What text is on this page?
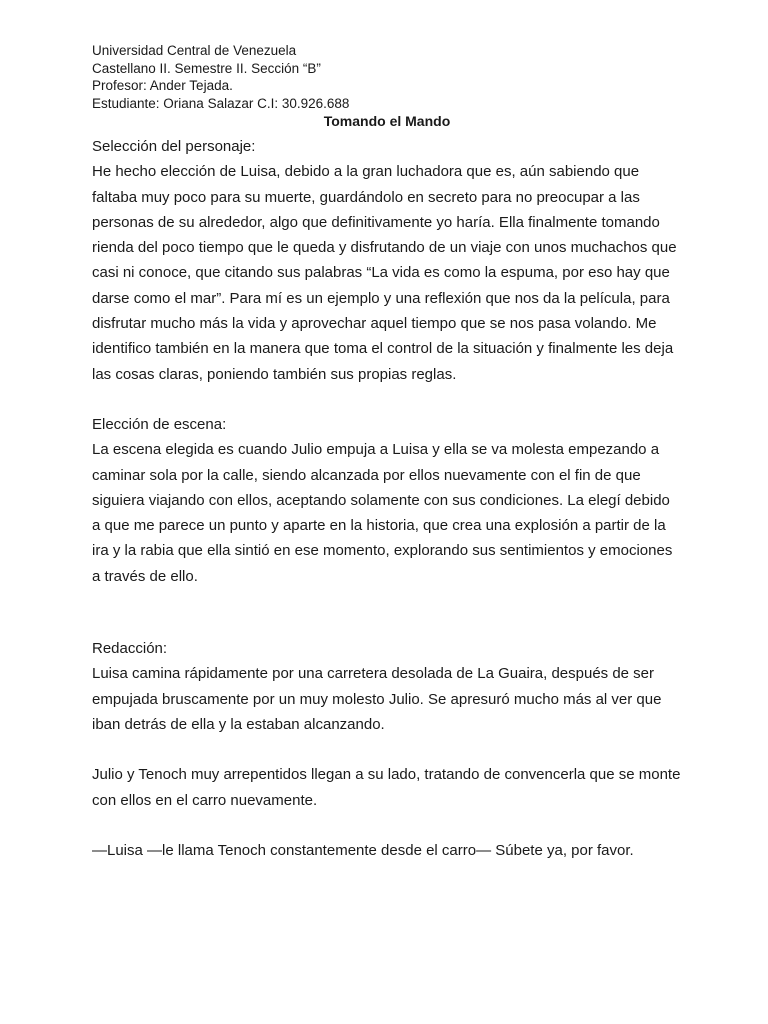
Universidad Central de Venezuela
Castellano II. Semestre II. Sección “B”
Profesor: Ander Tejada.
Estudiante: Oriana Salazar C.I: 30.926.688
Tomando el Mando

Selección del personaje:

He hecho elección de Luisa, debido a la gran luchadora que es, aún sabiendo que faltaba muy poco para su muerte, guardándolo en secreto para no preocupar a las personas de su alrededor, algo que definitivamente yo haría. Ella finalmente tomando rienda del poco tiempo que le queda y disfrutando de un viaje con unos muchachos que casi ni conoce, que citando sus palabras “La vida es como la espuma, por eso hay que darse como el mar”. Para mí es un ejemplo y una reflexión que nos da la película, para disfrutar mucho más la vida y aprovechar aquel tiempo que se nos pasa volando. Me identifico también en la manera que toma el control de la situación y finalmente les deja las cosas claras, poniendo también sus propias reglas.

Elección de escena:

La escena elegida es cuando Julio empuja a Luisa y ella se va molesta empezando a caminar sola por la calle, siendo alcanzada por ellos nuevamente con el fin de que siguiera viajando con ellos, aceptando solamente con sus condiciones. La elegí debido a que me parece un punto y aparte en la historia, que crea una explosión a partir de la ira y la rabia que ella sintió en ese momento, explorando sus sentimientos y emociones a través de ello.

Redacción:

Luisa camina rápidamente por una carretera desolada de La Guaira, después de ser empujada bruscamente por un muy molesto Julio. Se apresuró mucho más al ver que iban detrás de ella y la estaban alcanzando.

Julio y Tenoch muy arrepentidos llegan a su lado, tratando de convencerla que se monte con ellos en el carro nuevamente.

—Luisa —le llama Tenoch constantemente desde el carro— Súbete ya, por favor.
